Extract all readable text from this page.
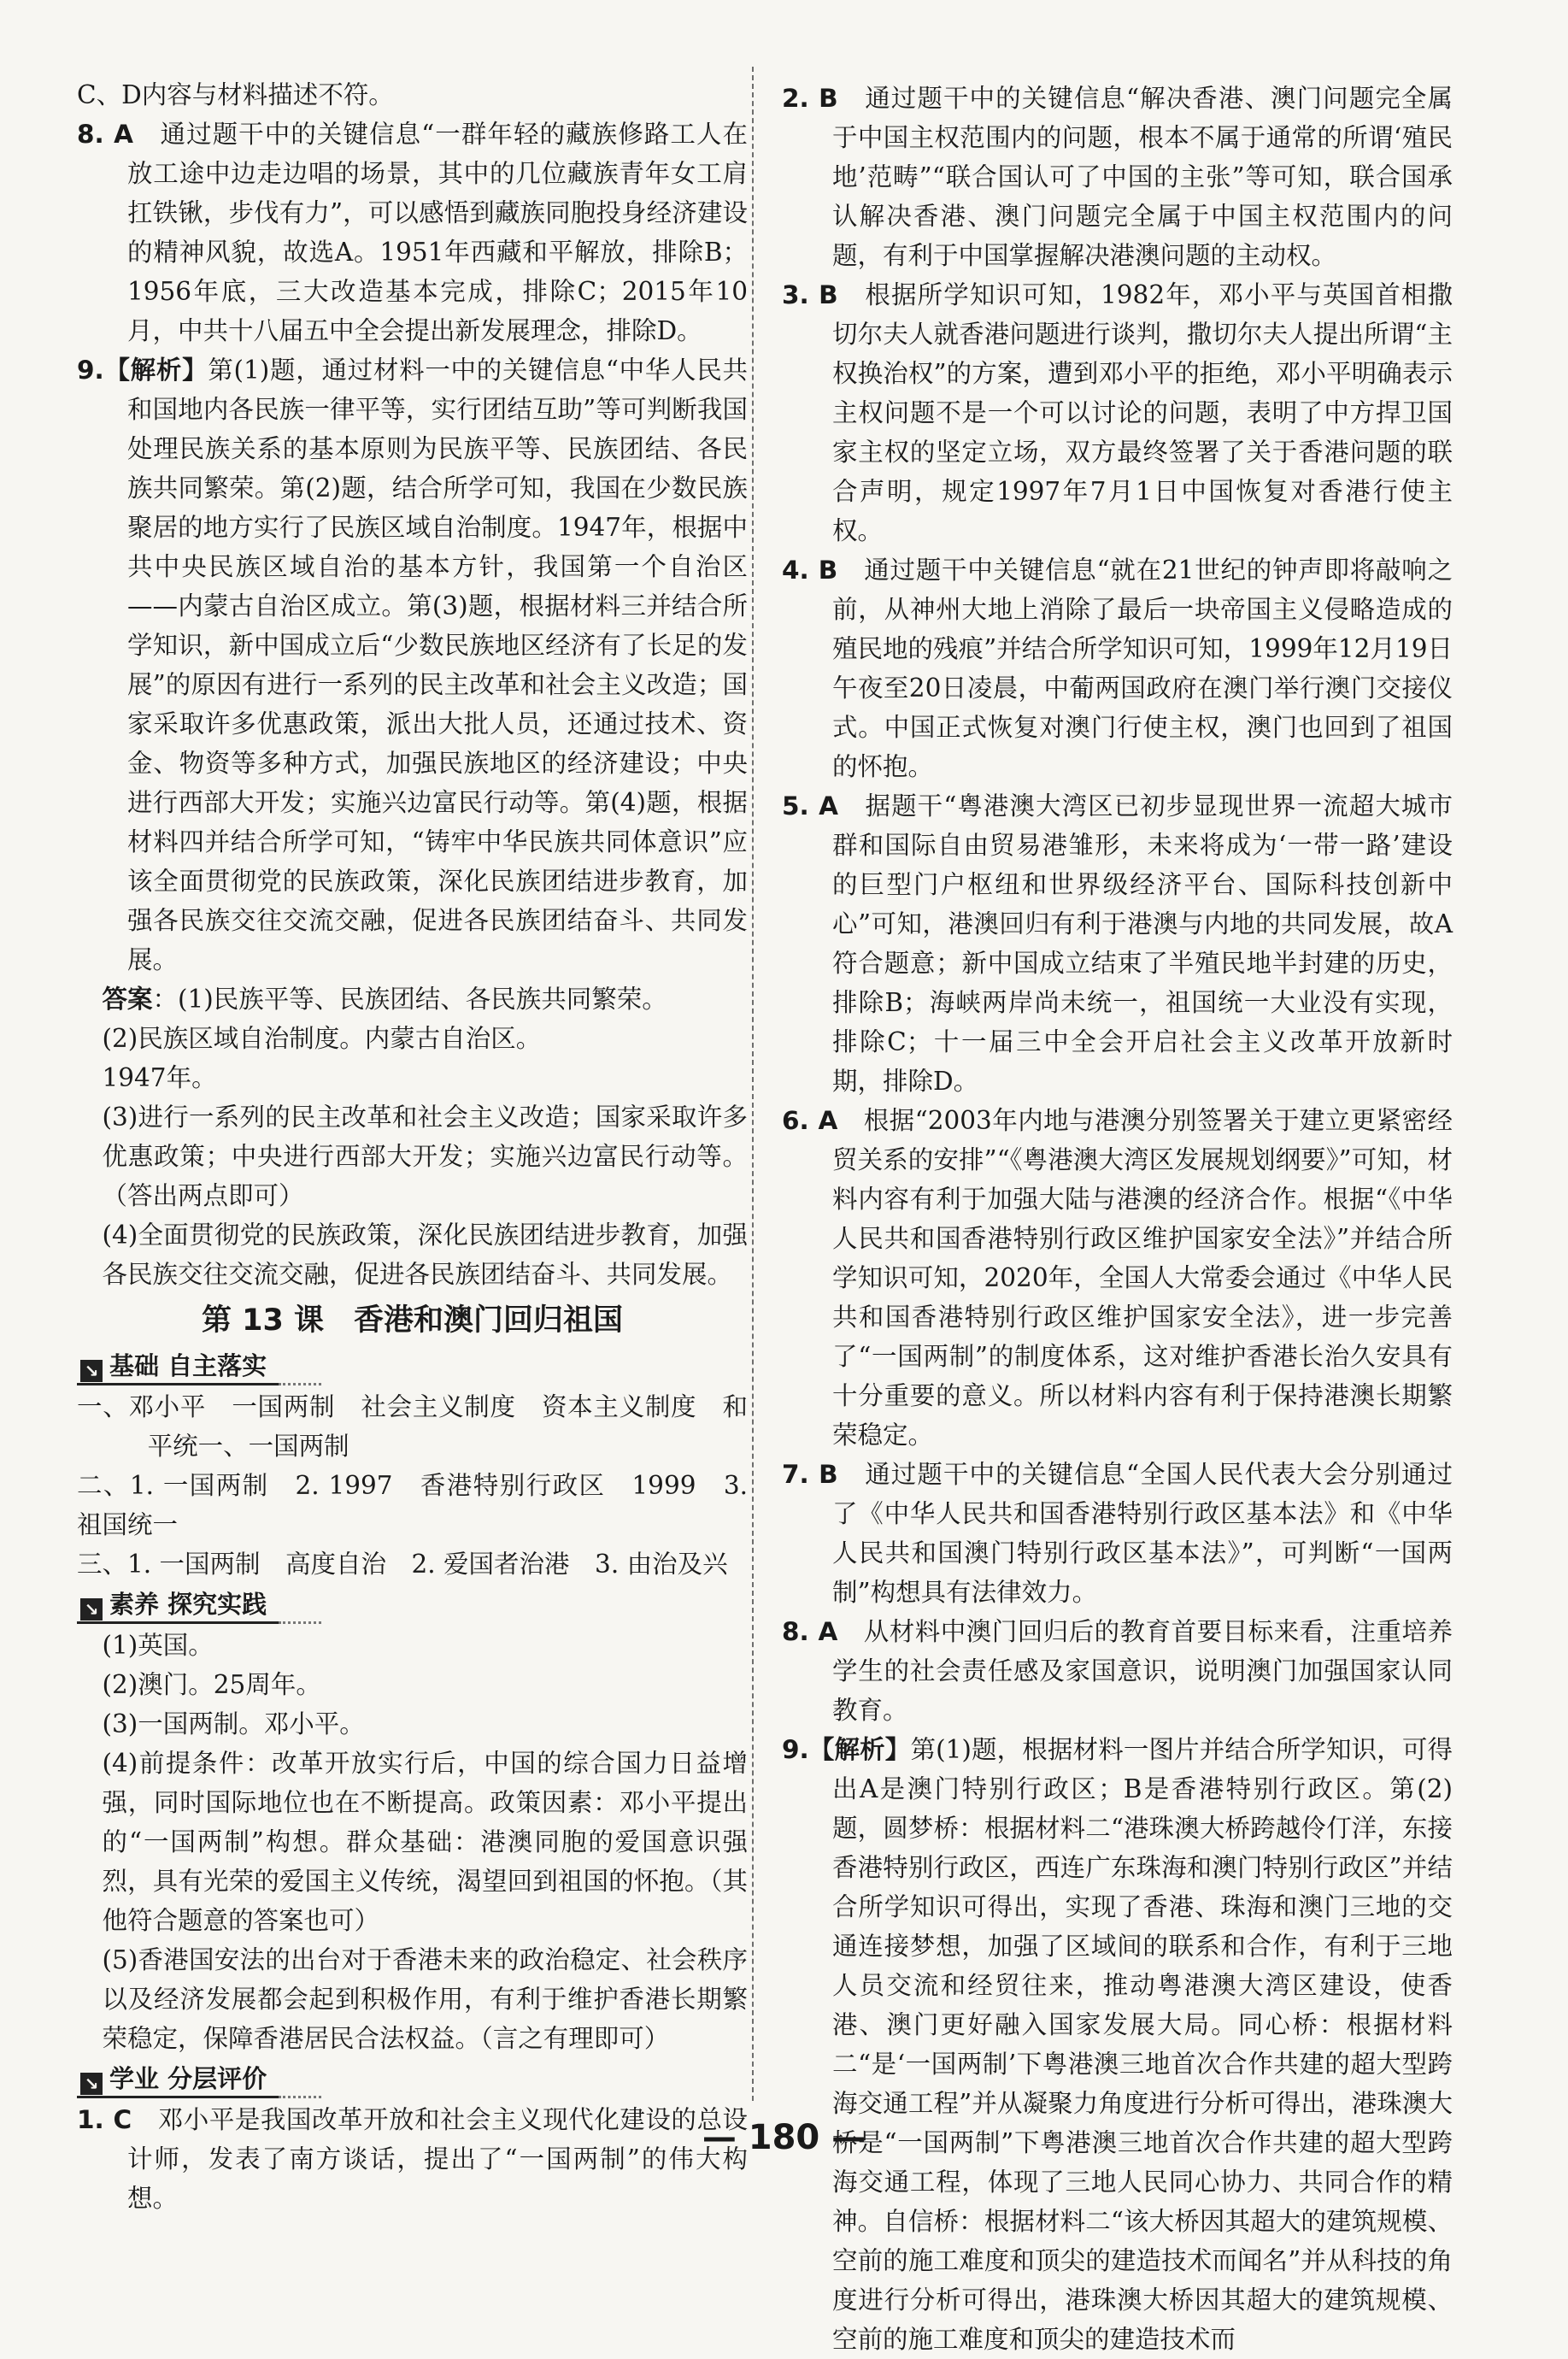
C、D内容与材料描述不符。

8. A　通过题干中的关键信息“一群年轻的藏族修路工人在放工途中边走边唱的场景，其中的几位藏族青年女工肩扛铁锹，步伐有力”，可以感悟到藏族同胞投身经济建设的精神风貌，故选A。1951年西藏和平解放，排除B；1956年底，三大改造基本完成，排除C；2015年10月，中共十八届五中全会提出新发展理念，排除D。

9.【解析】第(1)题，通过材料一中的关键信息“中华人民共和国地内各民族一律平等，实行团结互助”等可判断我国处理民族关系的基本原则为民族平等、民族团结、各民族共同繁荣。第(2)题，结合所学可知，我国在少数民族聚居的地方实行了民族区域自治制度。1947年，根据中共中央民族区域自治的基本方针，我国第一个自治区——内蒙古自治区成立。第(3)题，根据材料三并结合所学知识，新中国成立后“少数民族地区经济有了长足的发展”的原因有进行一系列的民主改革和社会主义改造；国家采取许多优惠政策，派出大批人员，还通过技术、资金、物资等多种方式，加强民族地区的经济建设；中央进行西部大开发；实施兴边富民行动等。第(4)题，根据材料四并结合所学可知，“铸牢中华民族共同体意识”应该全面贯彻党的民族政策，深化民族团结进步教育，加强各民族交往交流交融，促进各民族团结奋斗、共同发展。

答案：(1)民族平等、民族团结、各民族共同繁荣。

(2)民族区域自治制度。内蒙古自治区。

1947年。

(3)进行一系列的民主改革和社会主义改造；国家采取许多优惠政策；中央进行西部大开发；实施兴边富民行动等。（答出两点即可）

(4)全面贯彻党的民族政策，深化民族团结进步教育，加强各民族交往交流交融，促进各民族团结奋斗、共同发展。

第 13 课　香港和澳门回归祖国

↘ 基础 自主落实

一、邓小平　一国两制　社会主义制度　资本主义制度　和平统一、一国两制

二、1. 一国两制　2. 1997　香港特别行政区　1999　3. 祖国统一

三、1. 一国两制　高度自治　2. 爱国者治港　3. 由治及兴

↘ 素养 探究实践

(1)英国。

(2)澳门。25周年。

(3)一国两制。邓小平。

(4)前提条件：改革开放实行后，中国的综合国力日益增强，同时国际地位也在不断提高。政策因素：邓小平提出的“一国两制”构想。群众基础：港澳同胞的爱国意识强烈，具有光荣的爱国主义传统，渴望回到祖国的怀抱。（其他符合题意的答案也可）

(5)香港国安法的出台对于香港未来的政治稳定、社会秩序以及经济发展都会起到积极作用，有利于维护香港长期繁荣稳定，保障香港居民合法权益。（言之有理即可）

↘ 学业 分层评价

1. C　邓小平是我国改革开放和社会主义现代化建设的总设计师，发表了南方谈话，提出了“一国两制”的伟大构想。

2. B　通过题干中的关键信息“解决香港、澳门问题完全属于中国主权范围内的问题，根本不属于通常的所谓‘殖民地’范畴”“联合国认可了中国的主张”等可知，联合国承认解决香港、澳门问题完全属于中国主权范围内的问题，有利于中国掌握解决港澳问题的主动权。

3. B　根据所学知识可知，1982年，邓小平与英国首相撒切尔夫人就香港问题进行谈判，撒切尔夫人提出所谓“主权换治权”的方案，遭到邓小平的拒绝，邓小平明确表示主权问题不是一个可以讨论的问题，表明了中方捍卫国家主权的坚定立场，双方最终签署了关于香港问题的联合声明，规定1997年7月1日中国恢复对香港行使主权。

4. B　通过题干中关键信息“就在21世纪的钟声即将敲响之前，从神州大地上消除了最后一块帝国主义侵略造成的殖民地的残痕”并结合所学知识可知，1999年12月19日午夜至20日凌晨，中葡两国政府在澳门举行澳门交接仪式。中国正式恢复对澳门行使主权，澳门也回到了祖国的怀抱。

5. A　据题干“粤港澳大湾区已初步显现世界一流超大城市群和国际自由贸易港雏形，未来将成为‘一带一路’建设的巨型门户枢纽和世界级经济平台、国际科技创新中心”可知，港澳回归有利于港澳与内地的共同发展，故A符合题意；新中国成立结束了半殖民地半封建的历史，排除B；海峡两岸尚未统一，祖国统一大业没有实现，排除C；十一届三中全会开启社会主义改革开放新时期，排除D。

6. A　根据“2003年内地与港澳分别签署关于建立更紧密经贸关系的安排”“《粤港澳大湾区发展规划纲要》”可知，材料内容有利于加强大陆与港澳的经济合作。根据“《中华人民共和国香港特别行政区维护国家安全法》”并结合所学知识可知，2020年，全国人大常委会通过《中华人民共和国香港特别行政区维护国家安全法》，进一步完善了“一国两制”的制度体系，这对维护香港长治久安具有十分重要的意义。所以材料内容有利于保持港澳长期繁荣稳定。

7. B　通过题干中的关键信息“全国人民代表大会分别通过了《中华人民共和国香港特别行政区基本法》和《中华人民共和国澳门特别行政区基本法》”，可判断“一国两制”构想具有法律效力。

8. A　从材料中澳门回归后的教育首要目标来看，注重培养学生的社会责任感及家国意识，说明澳门加强国家认同教育。

9.【解析】第(1)题，根据材料一图片并结合所学知识，可得出A是澳门特别行政区；B是香港特别行政区。第(2)题，圆梦桥：根据材料二“港珠澳大桥跨越伶仃洋，东接香港特别行政区，西连广东珠海和澳门特别行政区”并结合所学知识可得出，实现了香港、珠海和澳门三地的交通连接梦想，加强了区域间的联系和合作，有利于三地人员交流和经贸往来，推动粤港澳大湾区建设，使香港、澳门更好融入国家发展大局。同心桥：根据材料二“是‘一国两制’下粤港澳三地首次合作共建的超大型跨海交通工程”并从凝聚力角度进行分析可得出，港珠澳大桥是“一国两制”下粤港澳三地首次合作共建的超大型跨海交通工程，体现了三地人民同心协力、共同合作的精神。自信桥：根据材料二“该大桥因其超大的建筑规模、空前的施工难度和顶尖的建造技术而闻名”并从科技的角度进行分析可得出，港珠澳大桥因其超大的建筑规模、空前的施工难度和顶尖的建造技术而

— 180 —
